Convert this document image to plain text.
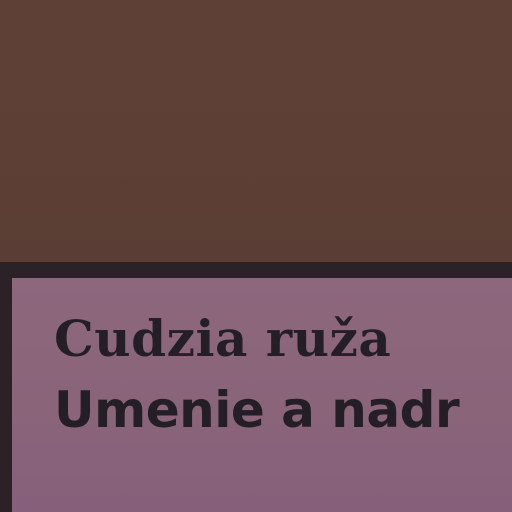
Cudzia ruža
Umenie a nadr
